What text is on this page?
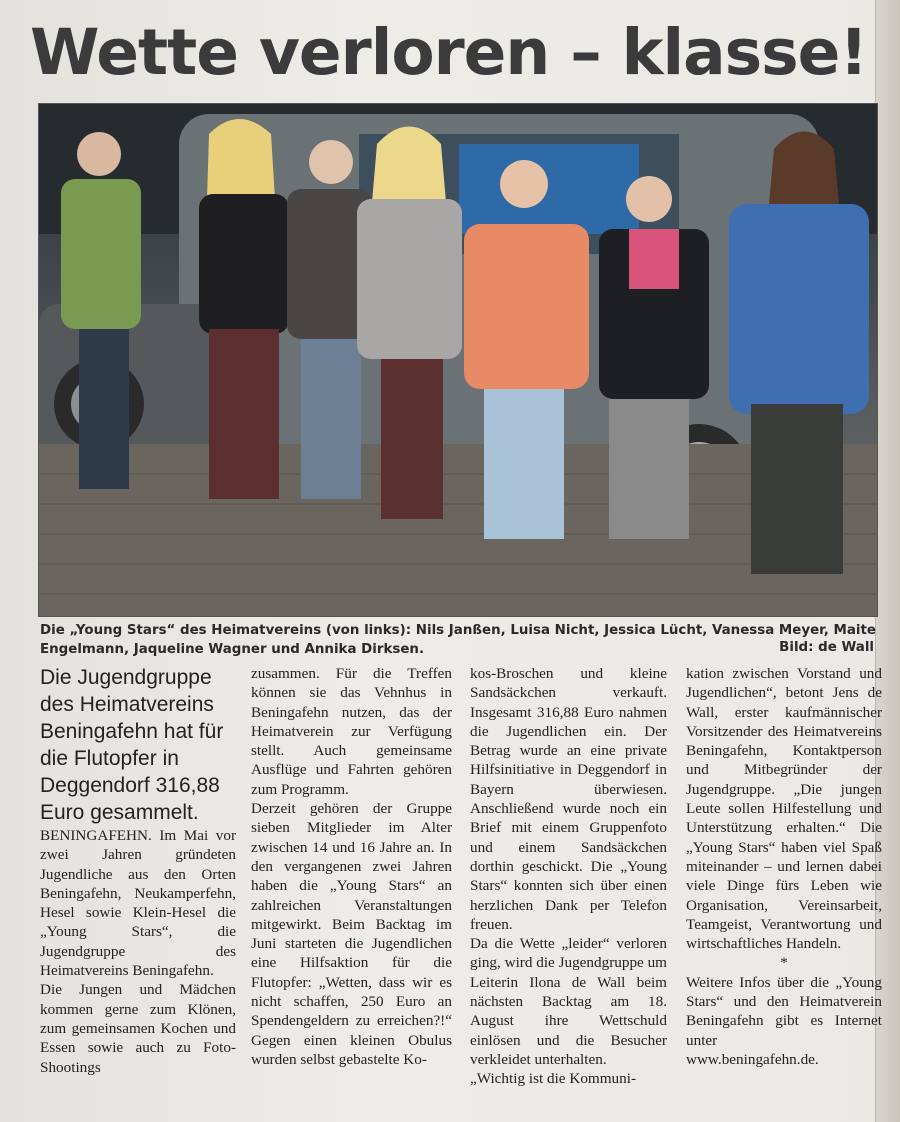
Wette verloren – klasse!
Die „Young Stars“ des Heimatvereins (von links): Nils Janßen, Luisa Nicht, Jessica Lücht, Vanessa Meyer, Maite Engelmann, Jaqueline Wagner und Annika Dirksen.	Bild: de Wall

Die Jugendgruppe des Heimatvereins Beningafehn hat für die Flutopfer in Deggendorf 316,88 Euro gesammelt.

BENINGAFEHN. Im Mai vor zwei Jahren gründeten Jugendliche aus den Orten Beningafehn, Neukamperfehn, Hesel sowie Klein-Hesel die „Young Stars“, die Jugendgruppe des Heimatvereins Beningafehn.

Die Jungen und Mädchen kommen gerne zum Klönen, zum gemeinsamen Kochen und Essen sowie auch zu Foto-Shootings

zusammen. Für die Treffen können sie das Vehnhus in Beningafehn nutzen, das der Heimatverein zur Verfügung stellt. Auch gemeinsame Ausflüge und Fahrten gehören zum Programm.

Derzeit gehören der Gruppe sieben Mitglieder im Alter zwischen 14 und 16 Jahre an. In den vergangenen zwei Jahren haben die „Young Stars“ an zahlreichen Veranstaltungen mitgewirkt. Beim Backtag im Juni starteten die Jugendlichen eine Hilfsaktion für die Flutopfer: „Wetten, dass wir es nicht schaffen, 250 Euro an Spendengeldern zu erreichen?!“ Gegen einen kleinen Obulus wurden selbst gebastelte Ko-

kos-Broschen und kleine Sandsäckchen verkauft. Insgesamt 316,88 Euro nahmen die Jugendlichen ein. Der Betrag wurde an eine private Hilfsinitiative in Deggendorf in Bayern überwiesen. Anschließend wurde noch ein Brief mit einem Gruppenfoto und einem Sandsäckchen dorthin geschickt. Die „Young Stars“ konnten sich über einen herzlichen Dank per Telefon freuen.

Da die Wette „leider“ verloren ging, wird die Jugendgruppe um Leiterin Ilona de Wall beim nächsten Backtag am 18. August ihre Wettschuld einlösen und die Besucher verkleidet unterhalten.

„Wichtig ist die Kommuni-

kation zwischen Vorstand und Jugendlichen“, betont Jens de Wall, erster kaufmännischer Vorsitzender des Heimatvereins Beningafehn, Kontaktperson und Mitbegründer der Jugendgruppe. „Die jungen Leute sollen Hilfestellung und Unterstützung erhalten.“ Die „Young Stars“ haben viel Spaß miteinander – und lernen dabei viele Dinge fürs Leben wie Organisation, Vereinsarbeit, Teamgeist, Verantwortung und wirtschaftliches Handeln.

*

Weitere Infos über die „Young Stars“ und den Heimatverein Beningafehn gibt es Internet unter

www.beningafehn.de.
